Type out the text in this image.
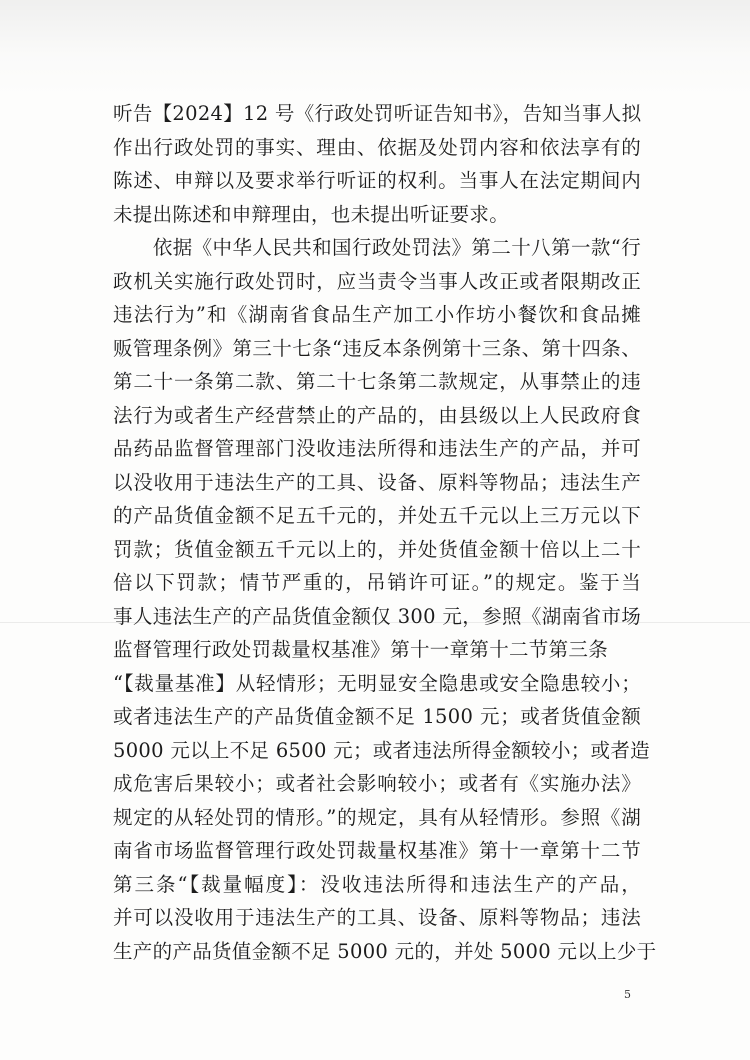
听告【2024】12 号《行政处罚听证告知书》，告知当事人拟
作出行政处罚的事实、理由、依据及处罚内容和依法享有的
陈述、申辩以及要求举行听证的权利。当事人在法定期间内
未提出陈述和申辩理由，也未提出听证要求。
　　依据《中华人民共和国行政处罚法》第二十八第一款“行
政机关实施行政处罚时，应当责令当事人改正或者限期改正
违法行为”和《湖南省食品生产加工小作坊小餐饮和食品摊
贩管理条例》第三十七条“违反本条例第十三条、第十四条、
第二十一条第二款、第二十七条第二款规定，从事禁止的违
法行为或者生产经营禁止的产品的，由县级以上人民政府食
品药品监督管理部门没收违法所得和违法生产的产品，并可
以没收用于违法生产的工具、设备、原料等物品；违法生产
的产品货值金额不足五千元的，并处五千元以上三万元以下
罚款；货值金额五千元以上的，并处货值金额十倍以上二十
倍以下罚款；情节严重的，吊销许可证。”的规定。鉴于当
事人违法生产的产品货值金额仅 300 元，参照《湖南省市场
监督管理行政处罚裁量权基准》第十一章第十二节第三条
“【裁量基准】从轻情形；无明显安全隐患或安全隐患较小；
或者违法生产的产品货值金额不足 1500 元；或者货值金额
5000 元以上不足 6500 元；或者违法所得金额较小；或者造
成危害后果较小；或者社会影响较小；或者有《实施办法》
规定的从轻处罚的情形。”的规定，具有从轻情形。参照《湖
南省市场监督管理行政处罚裁量权基准》第十一章第十二节
第三条“【裁量幅度】：没收违法所得和违法生产的产品，
并可以没收用于违法生产的工具、设备、原料等物品；违法
生产的产品货值金额不足 5000 元的，并处 5000 元以上少于
5
